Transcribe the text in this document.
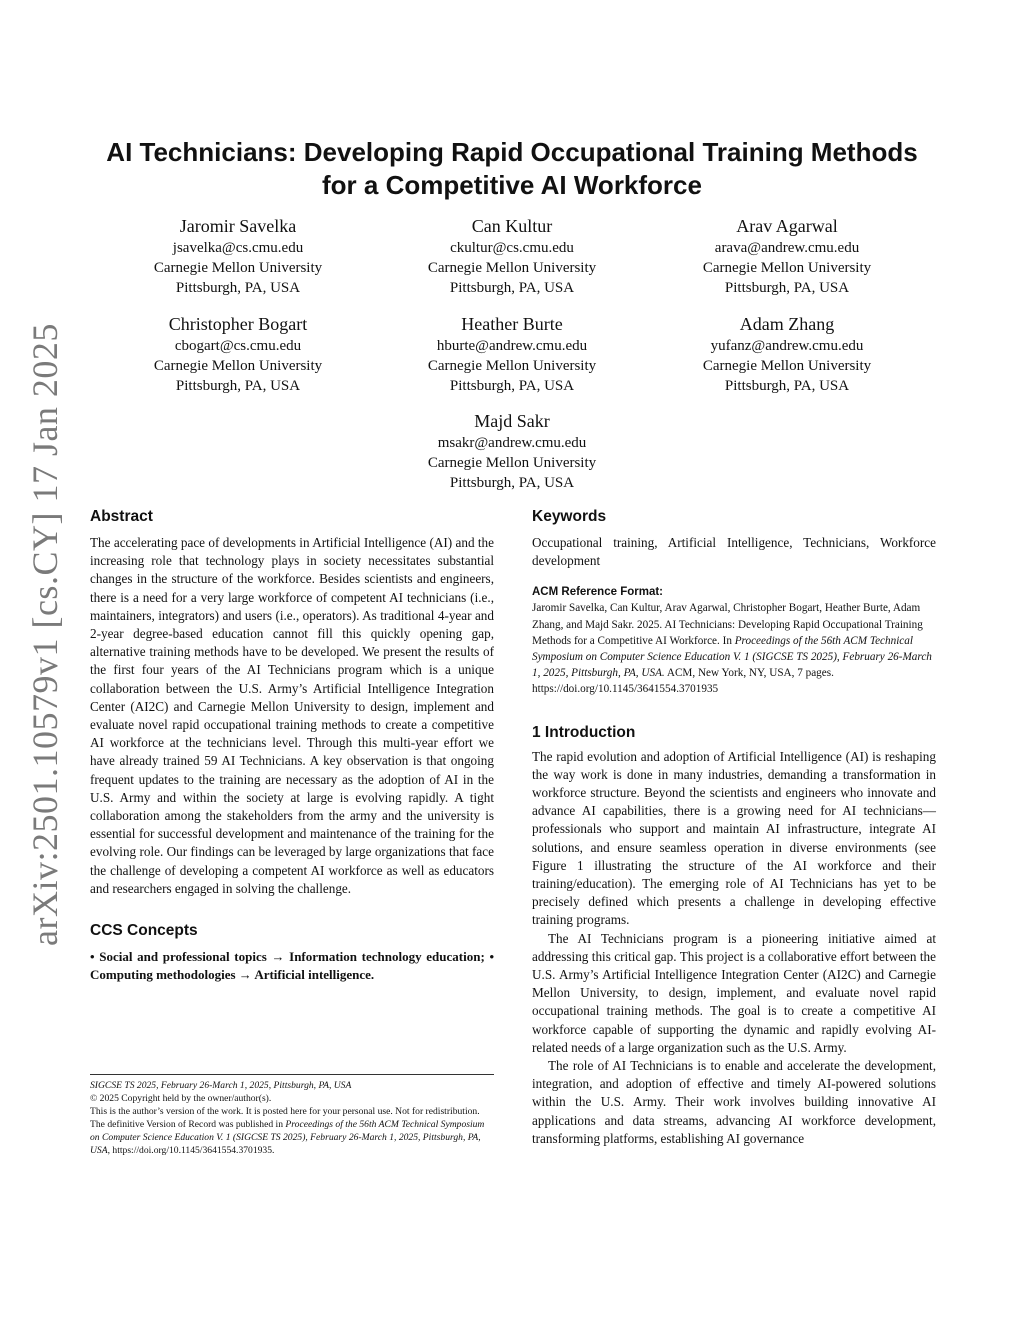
arXiv:2501.10579v1 [cs.CY] 17 Jan 2025
AI Technicians: Developing Rapid Occupational Training Methods for a Competitive AI Workforce
Jaromir Savelka
jsavelka@cs.cmu.edu
Carnegie Mellon University
Pittsburgh, PA, USA
Can Kultur
ckultur@cs.cmu.edu
Carnegie Mellon University
Pittsburgh, PA, USA
Arav Agarwal
arava@andrew.cmu.edu
Carnegie Mellon University
Pittsburgh, PA, USA
Christopher Bogart
cbogart@cs.cmu.edu
Carnegie Mellon University
Pittsburgh, PA, USA
Heather Burte
hburte@andrew.cmu.edu
Carnegie Mellon University
Pittsburgh, PA, USA
Adam Zhang
yufanz@andrew.cmu.edu
Carnegie Mellon University
Pittsburgh, PA, USA
Majd Sakr
msakr@andrew.cmu.edu
Carnegie Mellon University
Pittsburgh, PA, USA
Abstract

The accelerating pace of developments in Artificial Intelligence (AI) and the increasing role that technology plays in society necessitates substantial changes in the structure of the workforce. Besides scientists and engineers, there is a need for a very large workforce of competent AI technicians (i.e., maintainers, integrators) and users (i.e., operators). As traditional 4-year and 2-year degree-based education cannot fill this quickly opening gap, alternative training methods have to be developed. We present the results of the first four years of the AI Technicians program which is a unique collaboration between the U.S. Army’s Artificial Intelligence Integration Center (AI2C) and Carnegie Mellon University to design, implement and evaluate novel rapid occupational training methods to create a competitive AI workforce at the technicians level. Through this multi-year effort we have already trained 59 AI Technicians. A key observation is that ongoing frequent updates to the training are necessary as the adoption of AI in the U.S. Army and within the society at large is evolving rapidly. A tight collaboration among the stakeholders from the army and the university is essential for successful development and maintenance of the training for the evolving role. Our findings can be leveraged by large organizations that face the challenge of developing a competent AI workforce as well as educators and researchers engaged in solving the challenge.

CCS Concepts

• Social and professional topics → Information technology education; • Computing methodologies → Artificial intelligence.

SIGCSE TS 2025, February 26-March 1, 2025, Pittsburgh, PA, USA

© 2025 Copyright held by the owner/author(s).

This is the author’s version of the work. It is posted here for your personal use. Not for redistribution. The definitive Version of Record was published in Proceedings of the 56th ACM Technical Symposium on Computer Science Education V. 1 (SIGCSE TS 2025), February 26-March 1, 2025, Pittsburgh, PA, USA, https://doi.org/10.1145/3641554.3701935.

Keywords

Occupational training, Artificial Intelligence, Technicians, Workforce development

ACM Reference Format:

Jaromir Savelka, Can Kultur, Arav Agarwal, Christopher Bogart, Heather Burte, Adam Zhang, and Majd Sakr. 2025. AI Technicians: Developing Rapid Occupational Training Methods for a Competitive AI Workforce. In Proceedings of the 56th ACM Technical Symposium on Computer Science Education V. 1 (SIGCSE TS 2025), February 26-March 1, 2025, Pittsburgh, PA, USA. ACM, New York, NY, USA, 7 pages. https://doi.org/10.1145/3641554.3701935

1 Introduction

The rapid evolution and adoption of Artificial Intelligence (AI) is reshaping the way work is done in many industries, demanding a transformation in workforce structure. Beyond the scientists and engineers who innovate and advance AI capabilities, there is a growing need for AI technicians—professionals who support and maintain AI infrastructure, integrate AI solutions, and ensure seamless operation in diverse environments (see Figure 1 illustrating the structure of the AI workforce and their training/education). The emerging role of AI Technicians has yet to be precisely defined which presents a challenge in developing effective training programs.

The AI Technicians program is a pioneering initiative aimed at addressing this critical gap. This project is a collaborative effort between the U.S. Army’s Artificial Intelligence Integration Center (AI2C) and Carnegie Mellon University, to design, implement, and evaluate novel rapid occupational training methods. The goal is to create a competitive AI workforce capable of supporting the dynamic and rapidly evolving AI-related needs of a large organization such as the U.S. Army.

The role of AI Technicians is to enable and accelerate the development, integration, and adoption of effective and timely AI-powered solutions within the U.S. Army. Their work involves building innovative AI applications and data streams, advancing AI workforce development, transforming platforms, establishing AI governance
